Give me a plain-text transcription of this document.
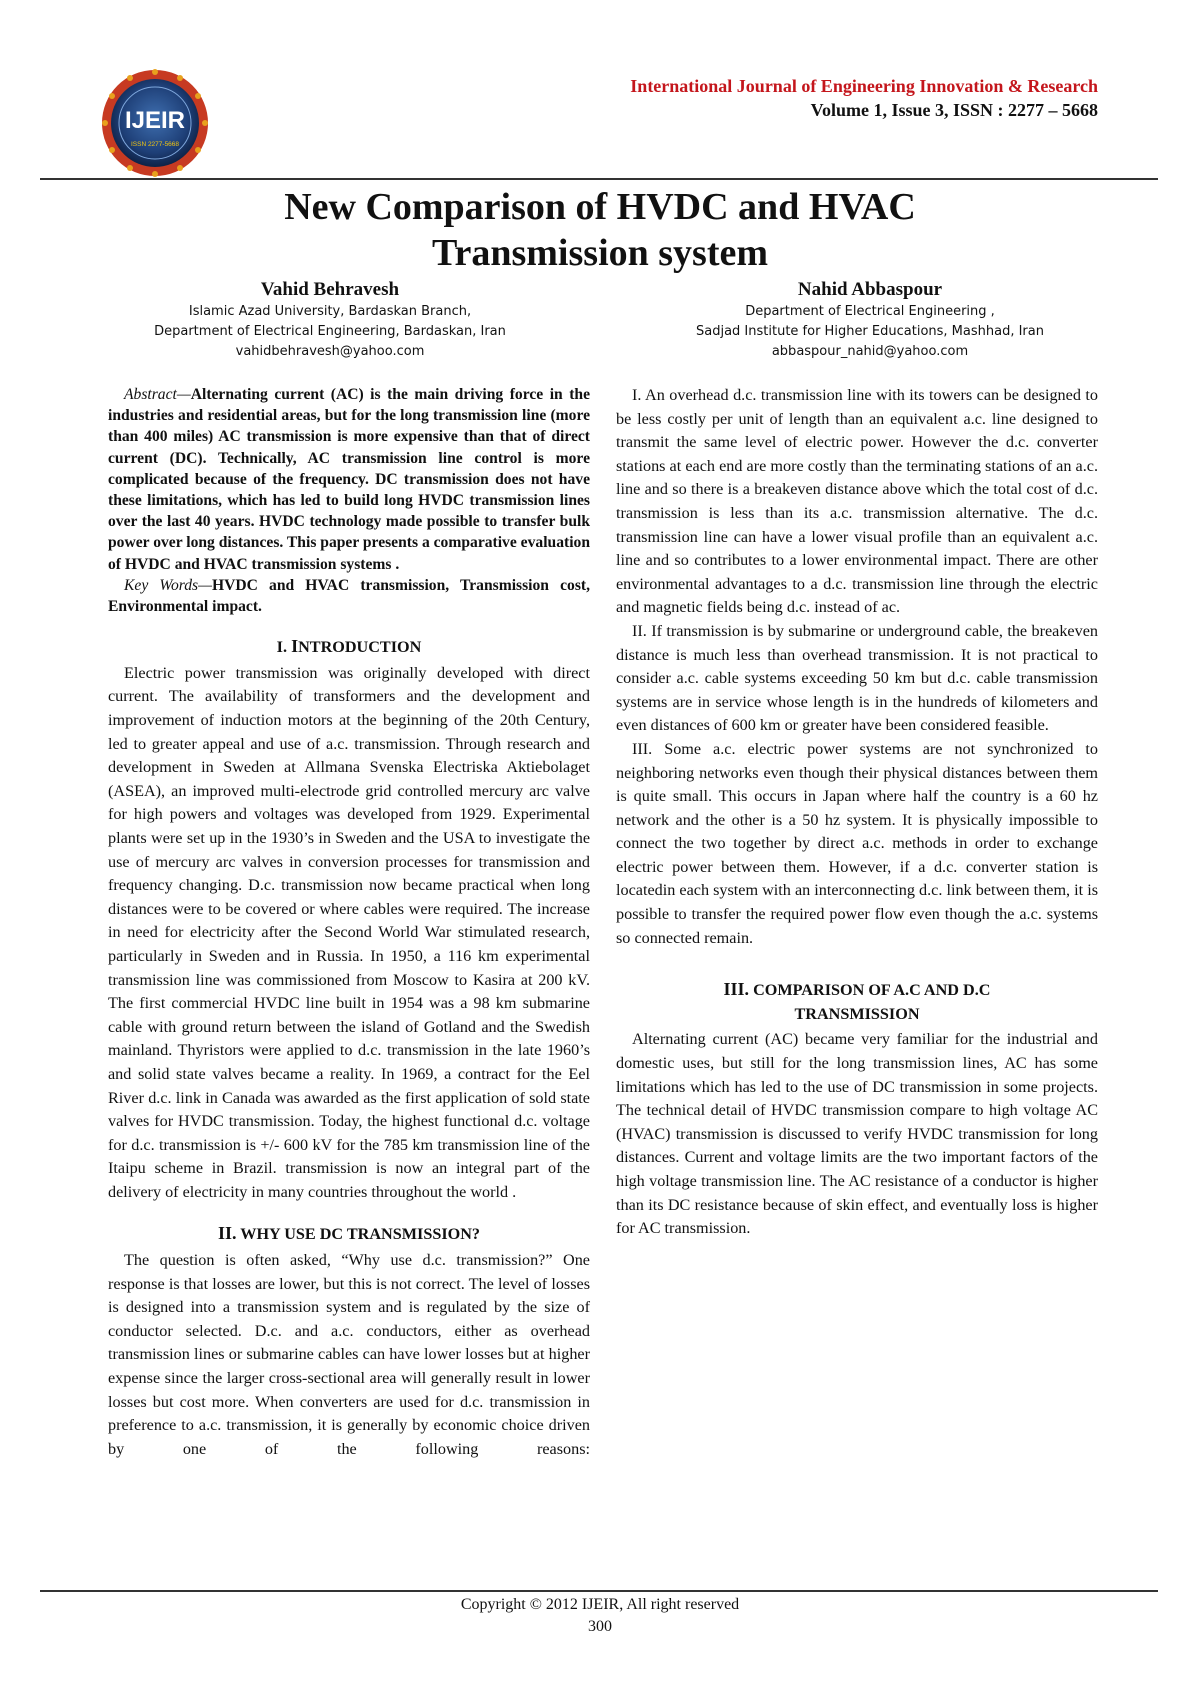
IJEIR
ISSN 2277-5668
International Journal of Engineering Innovation & Research
Volume 1, Issue 3, ISSN : 2277 – 5668
New Comparison of HVDC and HVAC
Transmission system
Vahid Behravesh
Islamic Azad University, Bardaskan Branch,
Department of Electrical Engineering, Bardaskan, Iran
vahidbehravesh@yahoo.com
Nahid Abbaspour
Department of Electrical Engineering ,
Sadjad Institute for Higher Educations, Mashhad, Iran
abbaspour_nahid@yahoo.com

Abstract—Alternating current (AC) is the main driving force in the industries and residential areas, but for the long transmission line (more than 400 miles) AC transmission is more expensive than that of direct current (DC). Technically, AC transmission line control is more complicated because of the frequency. DC transmission does not have these limitations, which has led to build long HVDC transmission lines over the last 40 years. HVDC technology made possible to transfer bulk power over long distances. This paper presents a comparative evaluation of HVDC and HVAC transmission systems .

Key Words—HVDC and HVAC transmission, Transmission cost, Environmental impact.

I. INTRODUCTION

Electric power transmission was originally developed with direct current. The availability of transformers and the development and improvement of induction motors at the beginning of the 20th Century, led to greater appeal and use of a.c. transmission. Through research and development in Sweden at Allmana Svenska Electriska Aktiebolaget (ASEA), an improved multi-electrode grid controlled mercury arc valve for high powers and voltages was developed from 1929. Experimental plants were set up in the 1930’s in Sweden and the USA to investigate the use of mercury arc valves in conversion processes for transmission and frequency changing. D.c. transmission now became practical when long distances were to be covered or where cables were required. The increase in need for electricity after the Second World War stimulated research, particularly in Sweden and in Russia. In 1950, a 116 km experimental transmission line was commissioned from Moscow to Kasira at 200 kV. The first commercial HVDC line built in 1954 was a 98 km submarine cable with ground return between the island of Gotland and the Swedish mainland. Thyristors were applied to d.c. transmission in the late 1960’s and solid state valves became a reality. In 1969, a contract for the Eel River d.c. link in Canada was awarded as the first application of sold state valves for HVDC transmission. Today, the highest functional d.c. voltage for d.c. transmission is +/- 600 kV for the 785 km transmission line of the Itaipu scheme in Brazil. transmission is now an integral part of the delivery of electricity in many countries throughout the world .

II. WHY USE DC TRANSMISSION?

The question is often asked, “Why use d.c. transmission?” One response is that losses are lower, but this is not correct. The level of losses is designed into a transmission system and is regulated by the size of conductor selected. D.c. and a.c. conductors, either as overhead transmission lines or submarine cables can have lower losses but at higher expense since the larger cross-sectional area will generally result in lower losses but cost more. When converters are used for d.c. transmission in preference to a.c. transmission, it is generally by economic choice driven by one of the following reasons:

I. An overhead d.c. transmission line with its towers can be designed to be less costly per unit of length than an equivalent a.c. line designed to transmit the same level of electric power. However the d.c. converter stations at each end are more costly than the terminating stations of an a.c. line and so there is a breakeven distance above which the total cost of d.c. transmission is less than its a.c. transmission alternative. The d.c. transmission line can have a lower visual profile than an equivalent a.c. line and so contributes to a lower environmental impact. There are other environmental advantages to a d.c. transmission line through the electric and magnetic fields being d.c. instead of ac.

II. If transmission is by submarine or underground cable, the breakeven distance is much less than overhead transmission. It is not practical to consider a.c. cable systems exceeding 50 km but d.c. cable transmission systems are in service whose length is in the hundreds of kilometers and even distances of 600 km or greater have been considered feasible.

III. Some a.c. electric power systems are not synchronized to neighboring networks even though their physical distances between them is quite small. This occurs in Japan where half the country is a 60 hz network and the other is a 50 hz system. It is physically impossible to connect the two together by direct a.c. methods in order to exchange electric power between them. However, if a d.c. converter station is locatedin each system with an interconnecting d.c. link between them, it is possible to transfer the required power flow even though the a.c. systems so connected remain.

III. COMPARISON OF A.C AND D.C
TRANSMISSION

Alternating current (AC) became very familiar for the industrial and domestic uses, but still for the long transmission lines, AC has some limitations which has led to the use of DC transmission in some projects. The technical detail of HVDC transmission compare to high voltage AC (HVAC) transmission is discussed to verify HVDC transmission for long distances. Current and voltage limits are the two important factors of the high voltage transmission line. The AC resistance of a conductor is higher than its DC resistance because of skin effect, and eventually loss is higher for AC transmission.

Copyright © 2012 IJEIR, All right reserved
300
